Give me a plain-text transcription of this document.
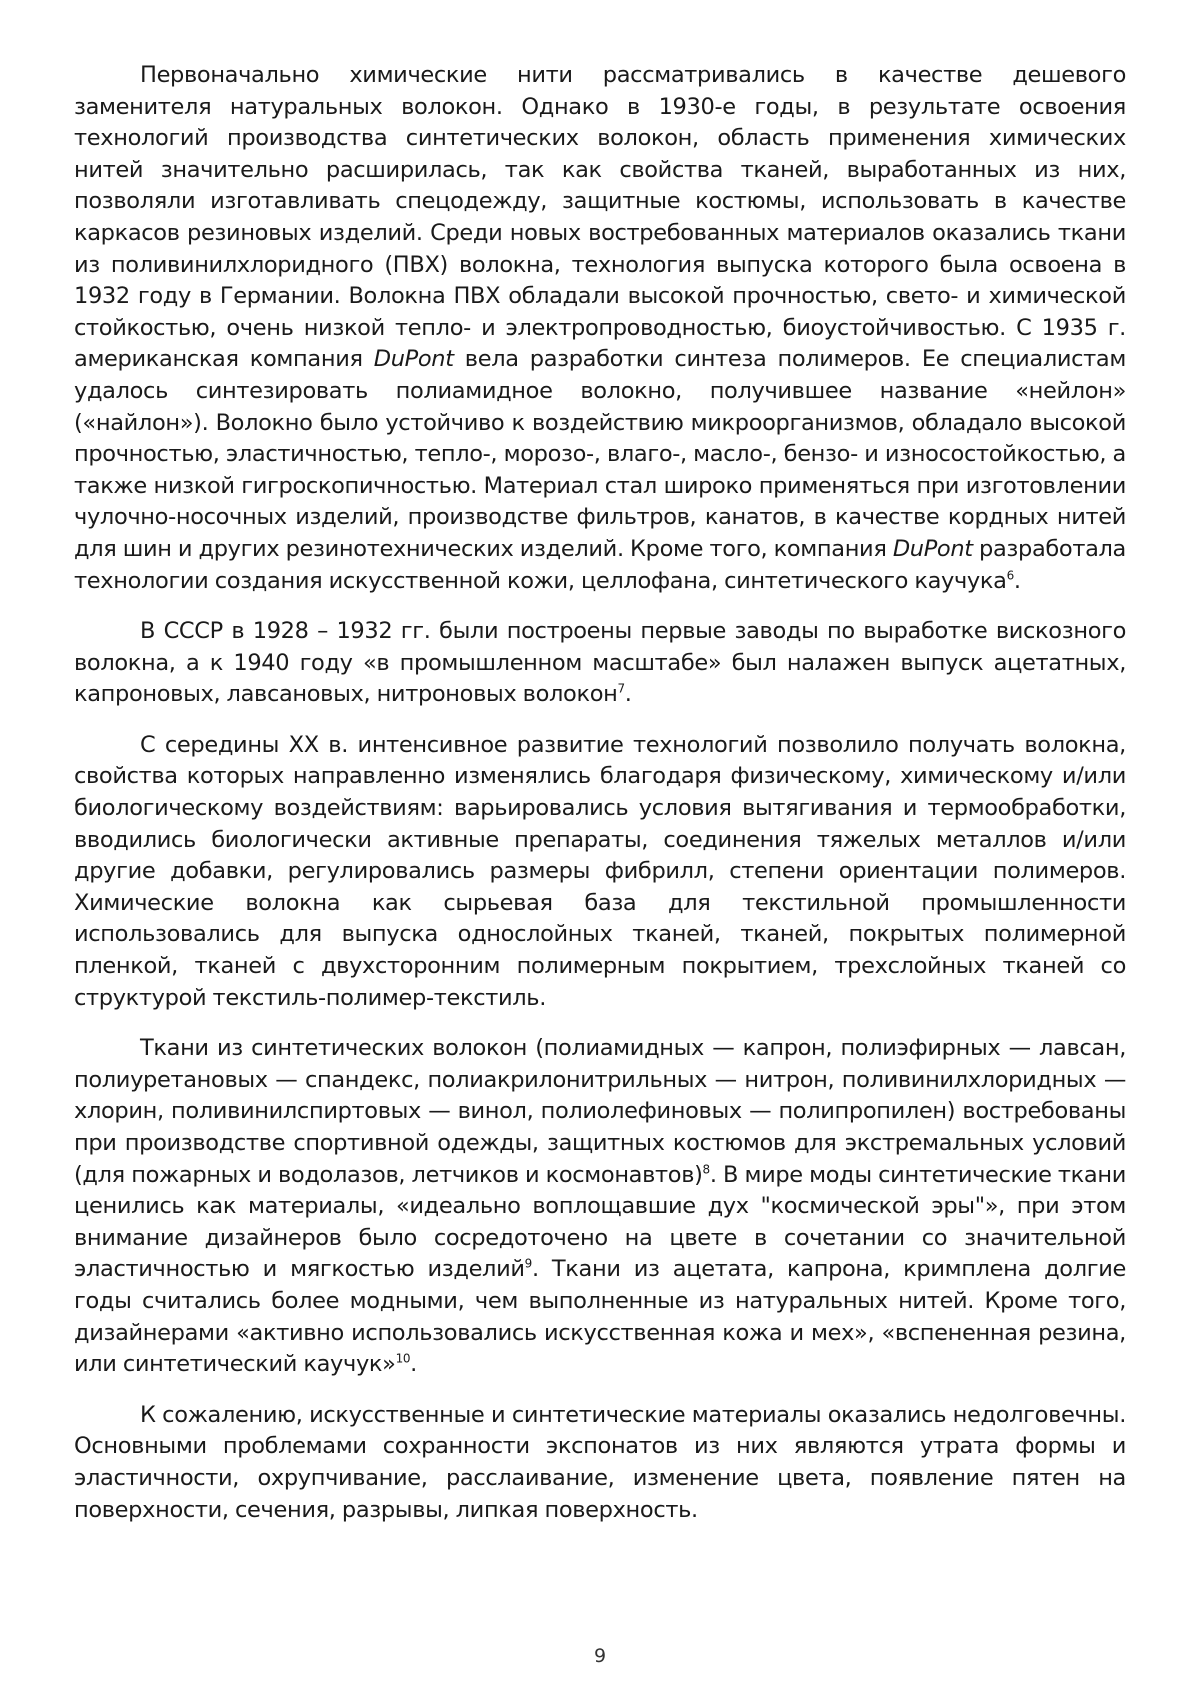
Первоначально химические нити рассматривались в качестве дешевого заменителя натуральных волокон. Однако в 1930-е годы, в результате освоения технологий производства синтетических волокон, область применения химических нитей значительно расширилась, так как свойства тканей, выработанных из них, позволяли изготавливать спецодежду, защитные костюмы, использовать в качестве каркасов резиновых изделий. Среди новых востребованных материалов оказались ткани из поливинилхлоридного (ПВХ) волокна, технология выпуска которого была освоена в 1932 году в Германии. Волокна ПВХ обладали высокой прочностью, свето- и химической стойкостью, очень низкой тепло- и электропроводностью, биоустойчивостью. С 1935 г. американская компания DuPont вела разработки синтеза полимеров. Ее специалистам удалось синтезировать полиамидное волокно, получившее название «нейлон» («найлон»). Волокно было устойчиво к воздействию микроорганизмов, обладало высокой прочностью, эластичностью, тепло-, морозо-, влаго-, масло-, бензо- и износостойкостью, а также низкой гигроскопичностью. Материал стал широко применяться при изготовлении чулочно-носочных изделий, производстве фильтров, канатов, в качестве кордных нитей для шин и других резинотехнических изделий. Кроме того, компания DuPont разработала технологии создания искусственной кожи, целлофана, синтетического каучука$^6$.

В СССР в 1928 – 1932 гг. были построены первые заводы по выработке вискозного волокна, а к 1940 году «в промышленном масштабе» был налажен выпуск ацетатных, капроновых, лавсановых, нитроновых волокон$^7$.

С середины ХХ в. интенсивное развитие технологий позволило получать волокна, свойства которых направленно изменялись благодаря физическому, химическому и/или биологическому воздействиям: варьировались условия вытягивания и термообработки, вводились биологически активные препараты, соединения тяжелых металлов и/или другие добавки, регулировались размеры фибрилл, степени ориентации полимеров. Химические волокна как сырьевая база для текстильной промышленности использовались для выпуска однослойных тканей, тканей, покрытых полимерной пленкой, тканей с двухсторонним полимерным покрытием, трехслойных тканей со структурой текстиль-полимер-текстиль.

Ткани из синтетических волокон (полиамидных — капрон, полиэфирных — лавсан, полиуретановых — спандекс, полиакрилонитрильных — нитрон, поливинилхлоридных — хлорин, поливинилспиртовых — винол, полиолефиновых — полипропилен) востребованы при производстве спортивной одежды, защитных костюмов для экстремальных условий (для пожарных и водолазов, летчиков и космонавтов)$^8$. В мире моды синтетические ткани ценились как материалы, «идеально воплощавшие дух "космической эры"», при этом внимание дизайнеров было сосредоточено на цвете в сочетании со значительной эластичностью и мягкостью изделий$^9$. Ткани из ацетата, капрона, кримплена долгие годы считались более модными, чем выполненные из натуральных нитей. Кроме того, дизайнерами «активно использовались искусственная кожа и мех», «вспененная резина, или синтетический каучук»$^{10}$.

К сожалению, искусственные и синтетические материалы оказались недолговечны. Основными проблемами сохранности экспонатов из них являются утрата формы и эластичности, охрупчивание, расслаивание, изменение цвета, появление пятен на поверхности, сечения, разрывы, липкая поверхность.

9
